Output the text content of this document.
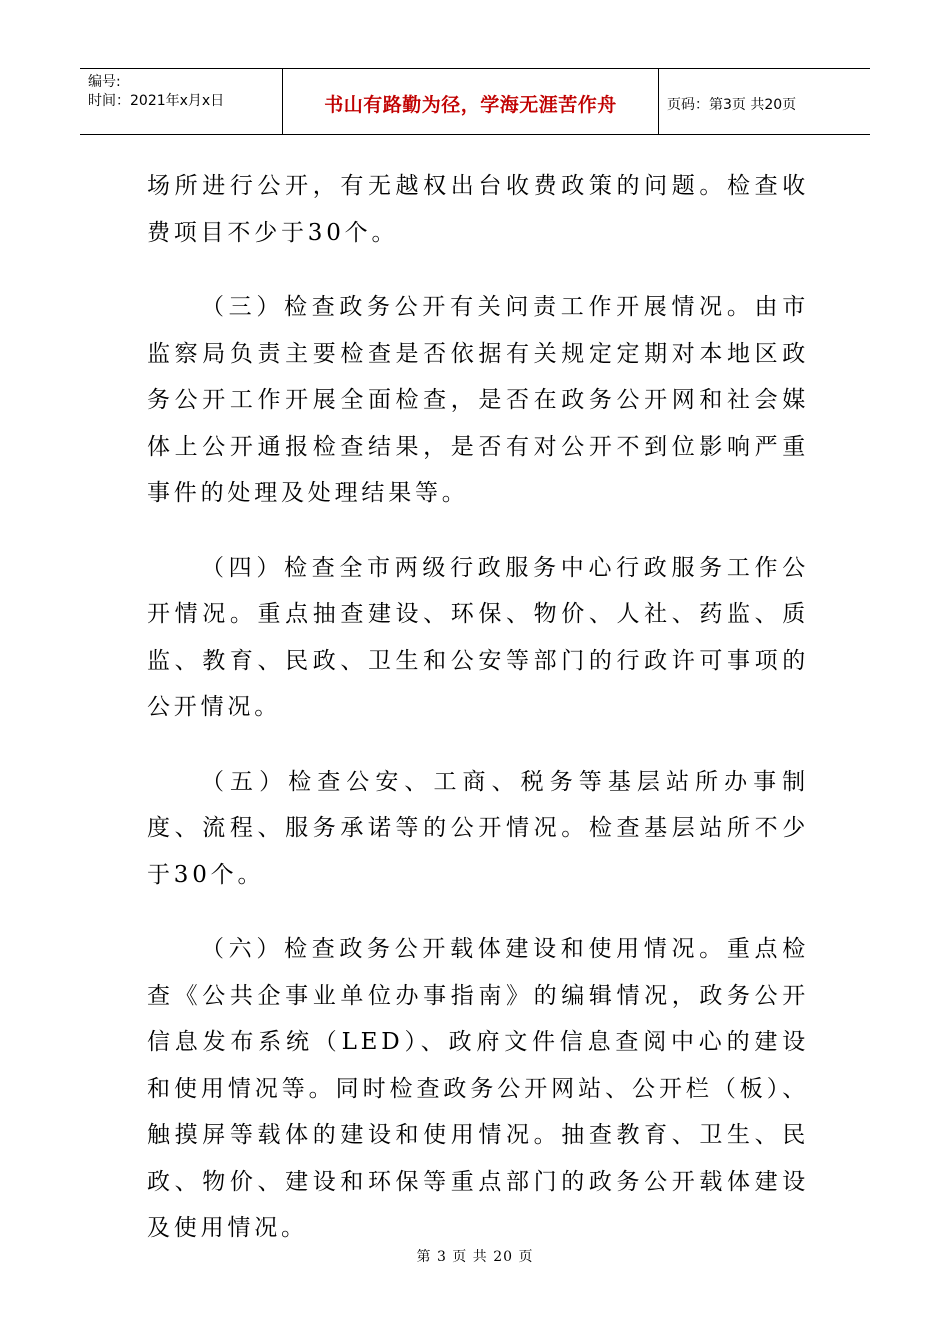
编号:
时间：2021年x月x日	书山有路勤为径，学海无涯苦作舟	页码：第3页 共20页

场所进行公开，有无越权出台收费政策的问题。检查收费项目不少于30个。

（三）检查政务公开有关问责工作开展情况。由市监察局负责主要检查是否依据有关规定定期对本地区政务公开工作开展全面检查，是否在政务公开网和社会媒体上公开通报检查结果，是否有对公开不到位影响严重事件的处理及处理结果等。

（四）检查全市两级行政服务中心行政服务工作公开情况。重点抽查建设、环保、物价、人社、药监、质监、教育、民政、卫生和公安等部门的行政许可事项的公开情况。

（五）检查公安、工商、税务等基层站所办事制度、流程、服务承诺等的公开情况。检查基层站所不少于30个。

（六）检查政务公开载体建设和使用情况。重点检查《公共企事业单位办事指南》的编辑情况，政务公开信息发布系统（LED）、政府文件信息查阅中心的建设和使用情况等。同时检查政务公开网站、公开栏（板）、触摸屏等载体的建设和使用情况。抽查教育、卫生、民政、物价、建设和环保等重点部门的政务公开载体建设及使用情况。

第 3 页 共 20 页
